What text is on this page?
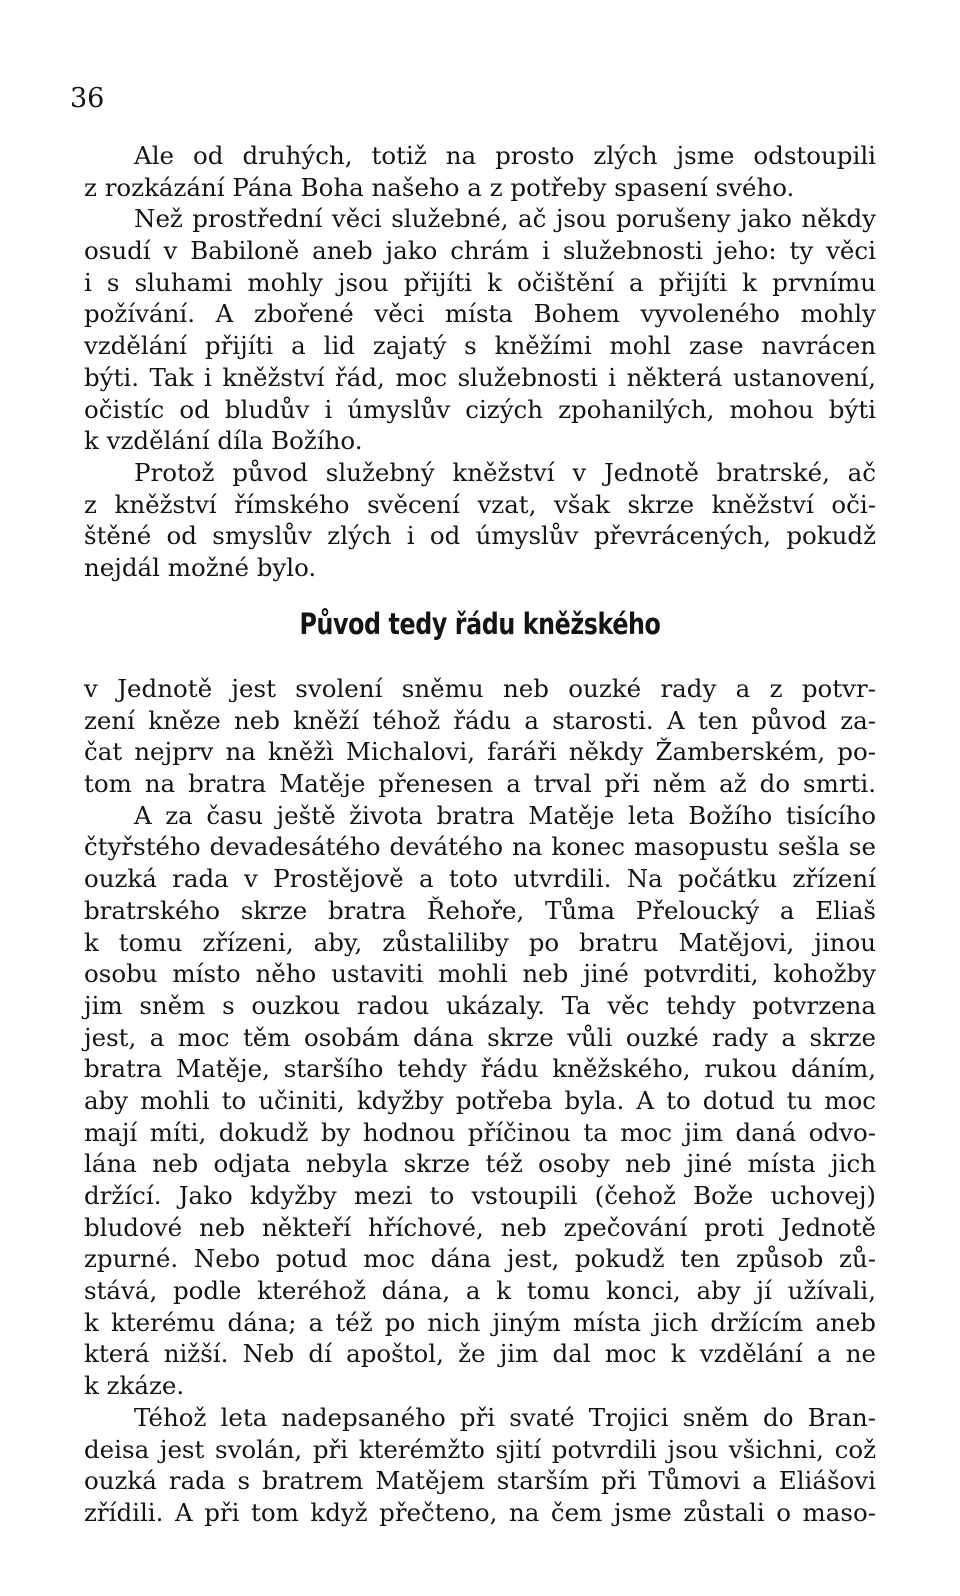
36
Ale od druhých, totiž na prosto zlých jsme odstoupili
z rozkázání Pána Boha našeho a z potřeby spasení svého.
Než prostřední věci služebné, ač jsou porušeny jako někdy
osudí v Babiloně aneb jako chrám i služebnosti jeho: ty věci
i s sluhami mohly jsou přijíti k očištění a přijíti k prvnímu
požívání. A zbořené věci místa Bohem vyvoleného mohly
vzdělání přijíti a lid zajatý s kněžími mohl zase navrácen
býti. Tak i kněžství řád, moc služebnosti i některá ustanovení,
očistíc od bludův i úmyslův cizých zpohanilých, mohou býti
k vzdělání díla Božího.
Protož původ služebný kněžství v Jednotě bratrské, ač
z kněžství římského svěcení vzat, však skrze kněžství oči-
štěné od smyslův zlých i od úmyslův převrácených, pokudž
nejdál možné bylo.
Původ tedy řádu kněžského
v Jednotě jest svolení sněmu neb ouzké rady a z potvr-
zení kněze neb kněží téhož řádu a starosti. A ten původ za-
čat nejprv na kněžì Michalovi, faráři někdy Žamberském, po-
tom na bratra Matěje přenesen a trval při něm až do smrti.
A za času ještě života bratra Matěje leta Božího tisícího
čtyřstého devadesátého devátého na konec masopustu sešla se
ouzká rada v Prostějově a toto utvrdili. Na počátku zřízení
bratrského skrze bratra Řehoře, Tůma Přeloucký a Eliaš
k tomu zřízeni, aby, zůstaliliby po bratru Matějovi, jinou
osobu místo něho ustaviti mohli neb jiné potvrditi, kohožby
jim sněm s ouzkou radou ukázaly. Ta věc tehdy potvrzena
jest, a moc těm osobám dána skrze vůli ouzké rady a skrze
bratra Matěje, staršího tehdy řádu kněžského, rukou dáním,
aby mohli to učiniti, kdyžby potřeba byla. A to dotud tu moc
mají míti, dokudž by hodnou příčinou ta moc jim daná odvo-
lána neb odjata nebyla skrze též osoby neb jiné místa jich
držící. Jako kdyžby mezi to vstoupili (čehož Bože uchovej)
bludové neb někteří hříchové, neb zpečování proti Jednotě
zpurné. Nebo potud moc dána jest, pokudž ten způsob zů-
stává, podle kteréhož dána, a k tomu konci, aby jí užívali,
k kterému dána; a též po nich jiným místa jich držícím aneb
která nižší. Neb dí apoštol, že jim dal moc k vzdělání a ne
k zkáze.
Téhož leta nadepsaného při svaté Trojici sněm do Bran-
deisa jest svolán, při kterémžto sjití potvrdili jsou všichni, což
ouzká rada s bratrem Matějem starším při Tůmovi a Eliášovi
zřídili. A při tom když přečteno, na čem jsme zůstali o maso-
